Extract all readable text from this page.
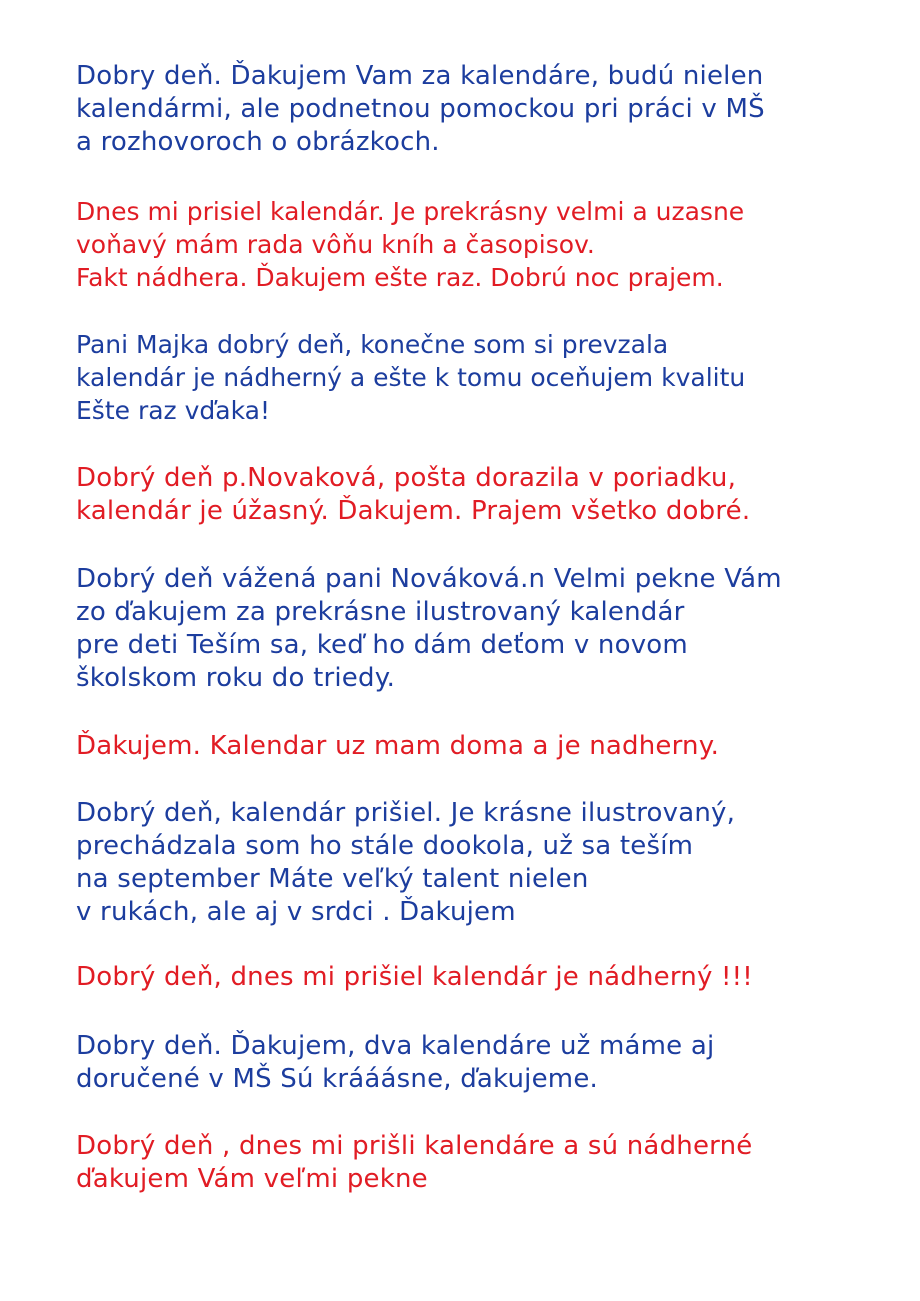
Dobry deň. Ďakujem Vam za kalendáre, budú nielen
kalendármi, ale podnetnou pomockou pri práci v MŠ
a rozhovoroch o obrázkoch.

Dnes mi prisiel kalendár. Je prekrásny velmi a uzasne
voňavý mám rada vôňu kníh a časopisov.
Fakt nádhera. Ďakujem ešte raz. Dobrú noc prajem.

Pani Majka dobrý deň, konečne som si prevzala
kalendár je nádherný a ešte k tomu oceňujem kvalitu
Ešte raz vďaka!

Dobrý deň p.Novaková, pošta dorazila v poriadku,
kalendár je úžasný. Ďakujem. Prajem všetko dobré.

Dobrý deň vážená pani Nováková.n Velmi pekne Vám
zo ďakujem za prekrásne ilustrovaný kalendár
pre deti Teším sa, keď ho dám deťom v novom
školskom roku do triedy.

Ďakujem. Kalendar uz mam doma a je nadherny.

Dobrý deň, kalendár prišiel. Je krásne ilustrovaný,
prechádzala som ho stále dookola, už sa teším
na september Máte veľký talent nielen
v rukách, ale aj v srdci . Ďakujem

Dobrý deň, dnes mi prišiel kalendár je nádherný !!!

Dobry deň. Ďakujem, dva kalendáre už máme aj
doručené v MŠ Sú krááásne, ďakujeme.

Dobrý deň , dnes mi prišli kalendáre a sú nádherné
ďakujem Vám veľmi pekne
